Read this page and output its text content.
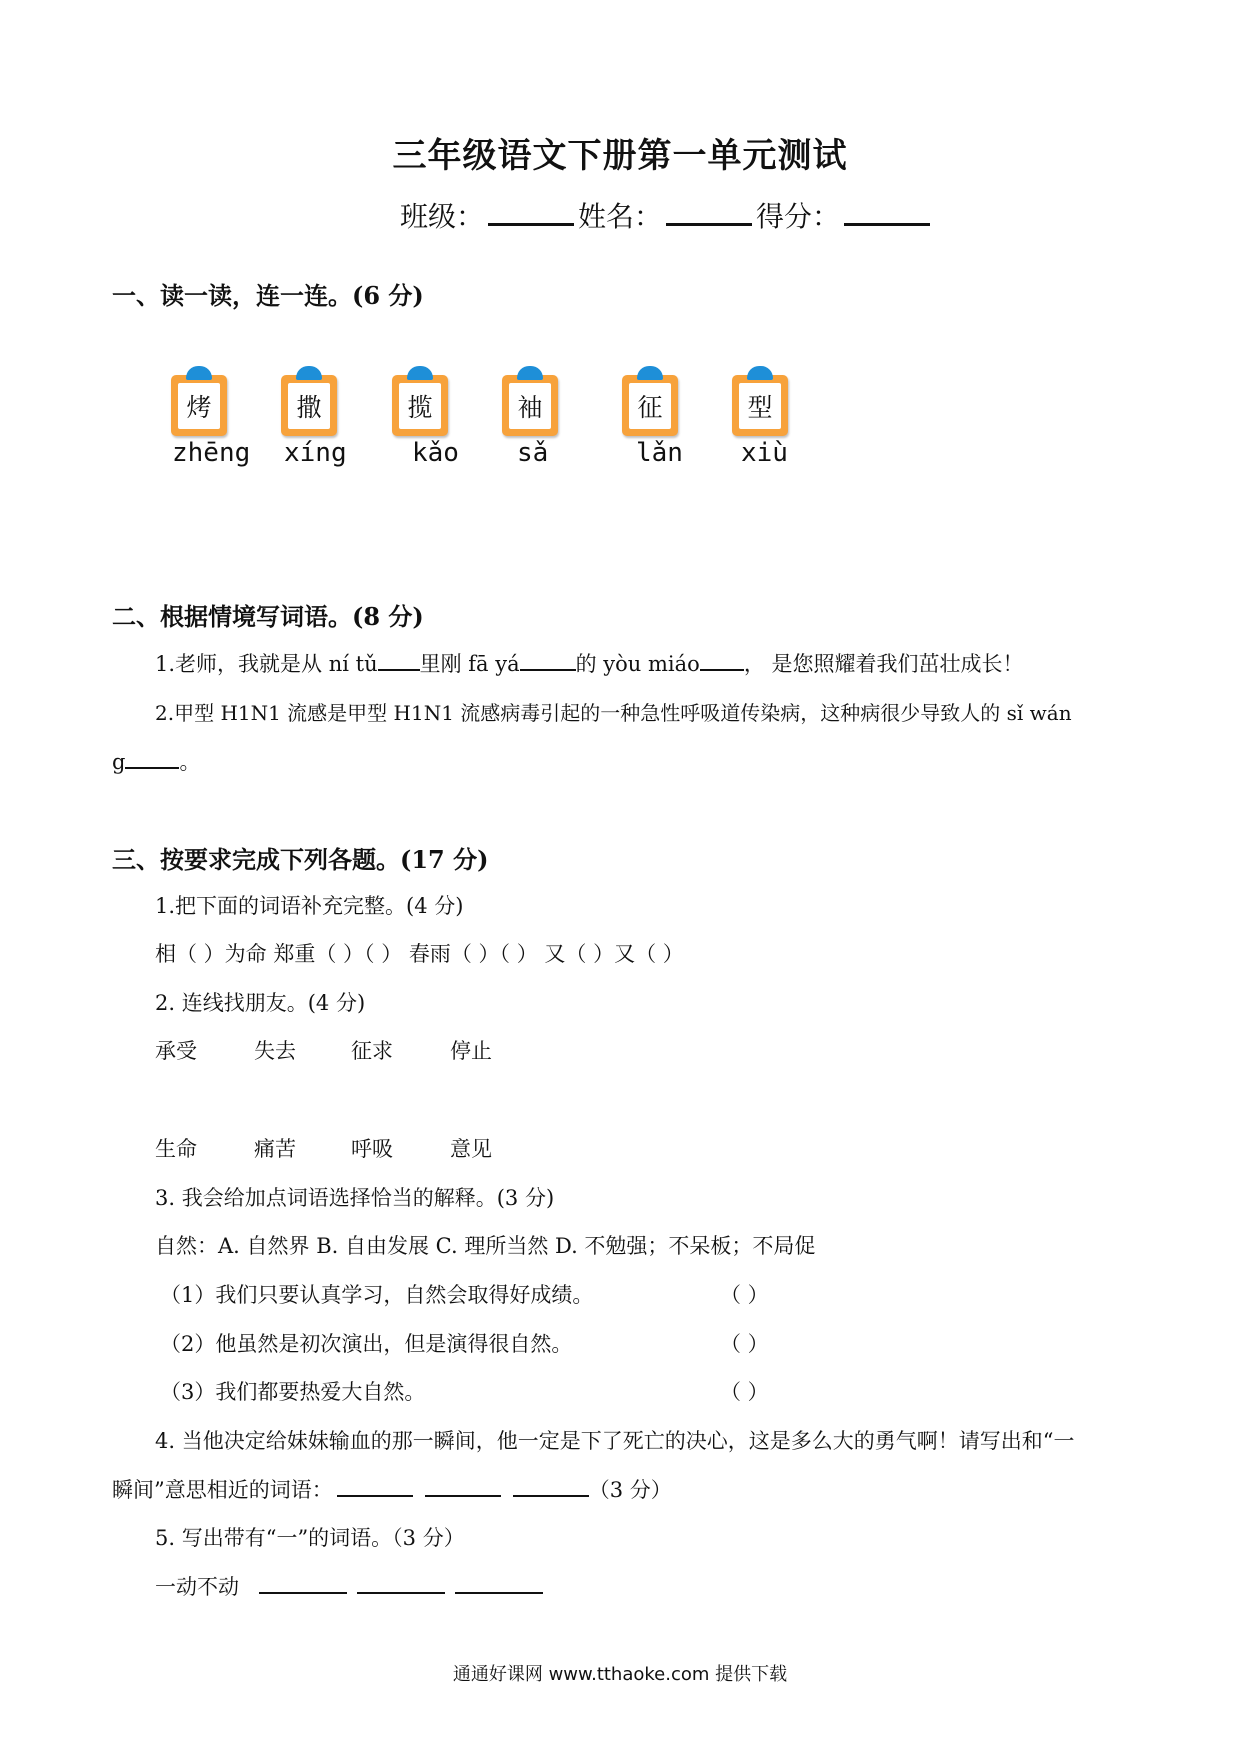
三年级语文下册第一单元测试
班级：	姓名：	得分：
一、读一读，连一连。(6 分)
烤	撒	揽	袖	征	型
zhēng xíng	kǎo sǎ	lǎn xiù
二、根据情境写词语。(8 分)
1.老师，我就是从 ní tǔ 里刚 fā yá	的 yòu miáo ， 是您照耀着我们茁壮成长！
2.甲型 H1N1 流感是甲型 H1N1 流感病毒引起的一种急性呼吸道传染病，这种病很少导致人的 sǐ wán
g	。
三、按要求完成下列各题。(17 分)
1.把下面的词语补充完整。(4 分)
相（ ）为命 郑重（ ）（ ） 春雨（ ）（ ） 又（ ）又（ ）
2. 连线找朋友。(4 分)
承受	失去	征求	停止
生命	痛苦	呼吸	意见
3. 我会给加点词语选择恰当的解释。(3 分)
自然：A. 自然界 B. 自由发展 C. 理所当然 D. 不勉强；不呆板；不局促
（1）我们只要认真学习，自然会取得好成绩。	（ ）
（2）他虽然是初次演出，但是演得很自然。	（ ）
（3）我们都要热爱大自然。	（ ）
4. 当他决定给妹妹输血的那一瞬间，他一定是下了死亡的决心，这是多么大的勇气啊！请写出和“一
瞬间”意思相近的词语：	（3 分）
5. 写出带有“一”的词语。（3 分）
一动不动
通通好课网 www.tthaoke.com 提供下载
